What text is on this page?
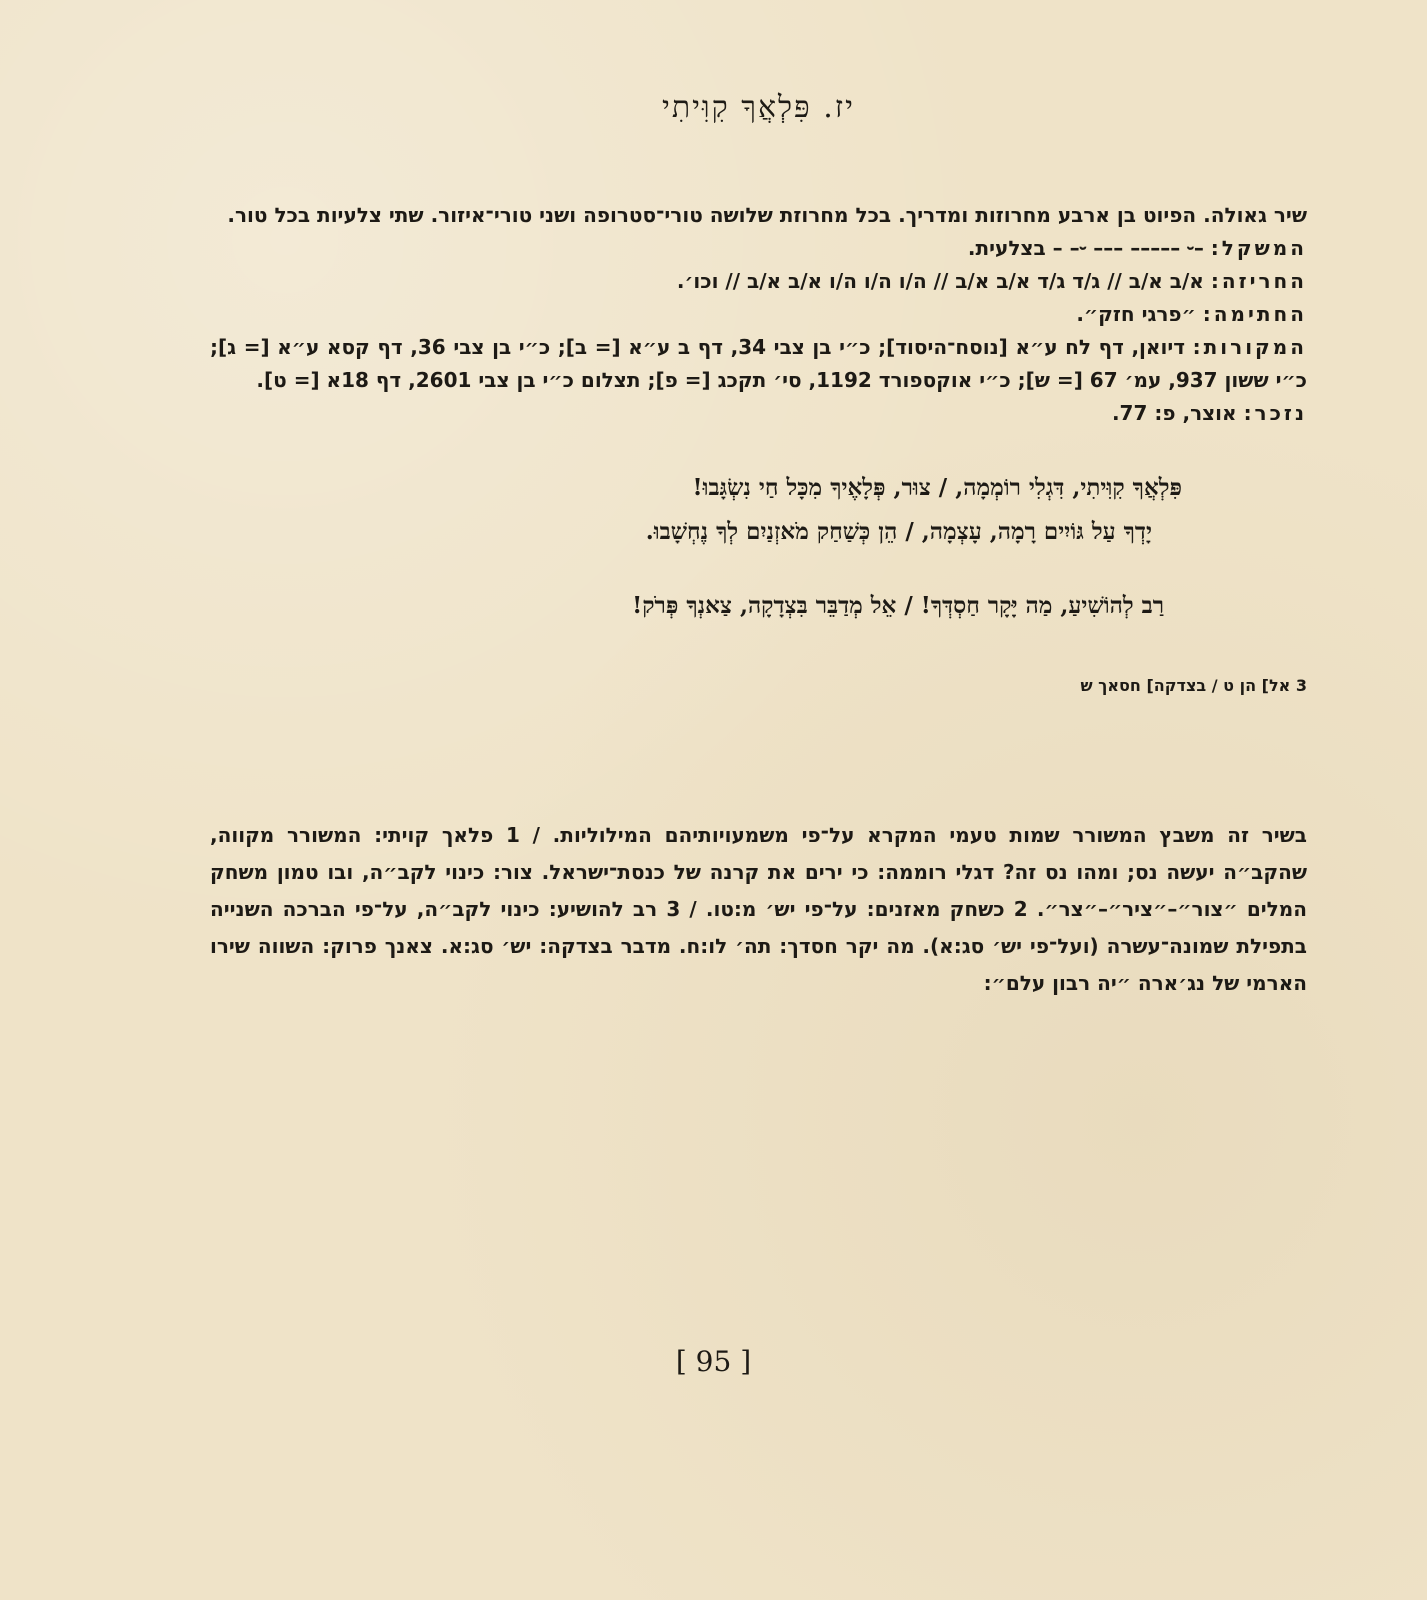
יז. פִּלְאֲךָ קִוִּיתִי

שיר גאולה. הפיוט בן ארבע מחרוזות ומדריך. בכל מחרוזת שלושה טורי־סטרופה ושני טורי־איזור. שתי צלעיות בכל טור.

המשקל: –⏑ ––––– ––– ⏑– – בצלעית.

החריזה: א/ב א/ב // ג/ד ג/ד א/ב א/ב // ה/ו ה/ו ה/ו א/ב א/ב // וכו׳.

החתימה: ״פרגי חזק״.

המקורות: דיואן, דף לח ע״א [נוסח־היסוד]; כ״י בן צבי 34, דף ב ע״א [= ב]; כ״י בן צבי 36, דף קסא ע״א [= ג]; כ״י ששון 937, עמ׳ 67 [= ש]; כ״י אוקספורד 1192, סי׳ תקכג [= פ]; תצלום כ״י בן צבי 2601, דף 18א [= ט].

נזכר: אוצר, פ: 77.

פִּלְאֲךָ קִוִּיתִי, דִּגְלִי רוֹמְמָה, / צוּר, פְּלָאֶיךָ מִכָּל חַי נִשְׂגָּבוּ!
יָדְךָ עַל גּוֹיִים רָמָה, עָצְמָה, / הֵן כְּשַׁחַק מֹאזְנַיִם לְךָ נֶחְשָׁבוּ.
רַב לְהוֹשִׁיעַ, מַה יָּקָר חַסְדְּךָ! / אֵל מְדַבֵּר בִּצְדָקָה, צַאנְךָ פְּרֹק!
3 אל] הן ט / בצדקה] חסאך ש
בשיר זה משבץ המשורר שמות טעמי המקרא על־פי משמעויותיהם המילוליות. / 1 פלאך קויתי: המשורר מקווה, שהקב״ה יעשה נס; ומהו נס זה? דגלי רוממה: כי ירים את קרנה של כנסת־ישראל. צור: כינוי לקב״ה, ובו טמון משחק המלים ״צור״–״ציר״–״צר״. 2 כשחק מאזנים: על־פי יש׳ מ:טו. / 3 רב להושיע: כינוי לקב״ה, על־פי הברכה השנייה בתפילת שמונה־עשרה (ועל־פי יש׳ סג:א). מה יקר חסדך: תה׳ לו:ח. מדבר בצדקה: יש׳ סג:א. צאנך פרוק: השווה שירו הארמי של נג׳ארה ״יה רבון עלם״:
[ 95 ]
